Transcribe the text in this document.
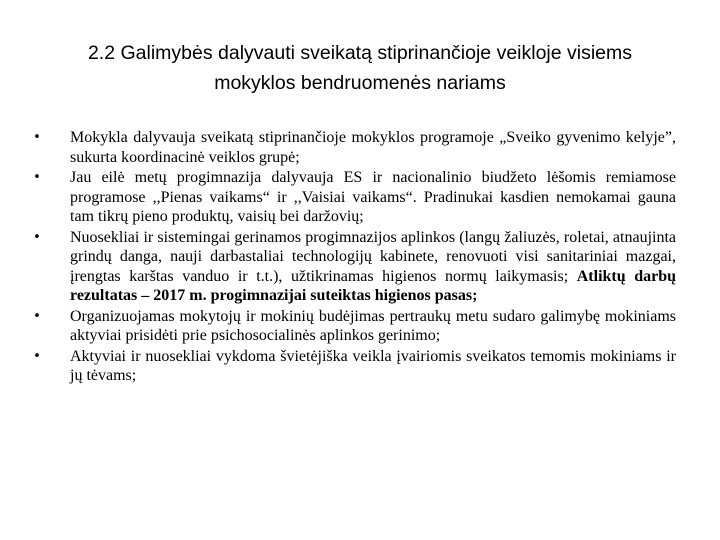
2.2 Galimybės dalyvauti sveikatą stiprinančioje veikloje visiems
mokyklos bendruomenės nariams
• Mokykla dalyvauja sveikatą stiprinančioje mokyklos programoje „Sveiko gyvenimo kelyje”, sukurta koordinacinė veiklos grupė;
• Jau eilė metų progimnazija dalyvauja ES ir nacionalinio biudžeto lėšomis remiamose programose ,,Pienas vaikams“ ir ,,Vaisiai vaikams“. Pradinukai kasdien nemokamai gauna tam tikrų pieno produktų, vaisių bei daržovių;
• Nuosekliai ir sistemingai gerinamos progimnazijos aplinkos (langų žaliuzės, roletai, atnaujinta grindų danga, nauji darbastaliai technologijų kabinete, renovuoti visi sanitariniai mazgai, įrengtas karštas vanduo ir t.t.), užtikrinamas higienos normų laikymasis; Atliktų darbų rezultatas – 2017 m. progimnazijai suteiktas higienos pasas;
• Organizuojamas mokytojų ir mokinių budėjimas pertraukų metu sudaro galimybę mokiniams aktyviai prisidėti prie psichosocialinės aplinkos gerinimo;
• Aktyviai ir nuosekliai vykdoma švietėjiška veikla įvairiomis sveikatos temomis mokiniams ir jų tėvams;
